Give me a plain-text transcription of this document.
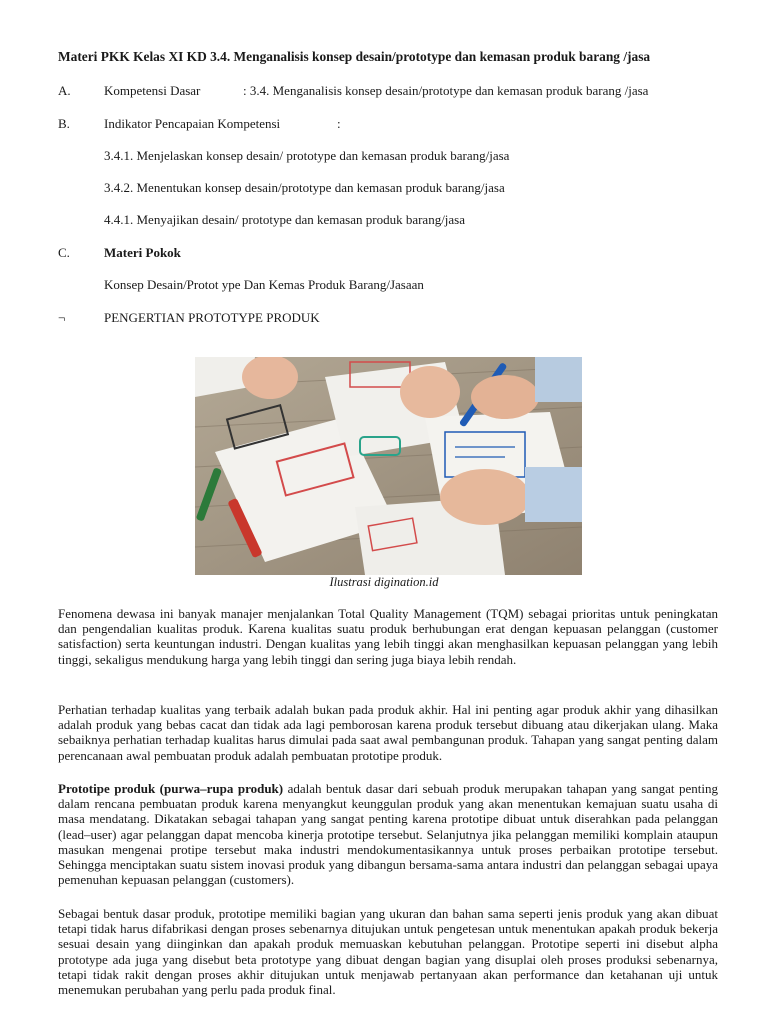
Materi PKK Kelas XI KD 3.4. Menganalisis konsep desain/prototype dan kemasan produk barang /jasa
A.	Kompetensi Dasar	: 3.4. Menganalisis konsep desain/prototype dan kemasan produk barang /jasa
B.	Indikator Pencapaian Kompetensi	:
3.4.1. Menjelaskan konsep desain/ prototype dan kemasan produk barang/jasa
3.4.2. Menentukan konsep desain/prototype dan kemasan produk barang/jasa
4.4.1. Menyajikan desain/ prototype dan kemasan produk barang/jasa
C.	Materi Pokok
Konsep Desain/Protot ype Dan Kemas Produk Barang/Jasaan
¬	PENGERTIAN PROTOTYPE PRODUK
Ilustrasi digination.id
Fenomena dewasa ini banyak manajer menjalankan Total Quality Management (TQM) sebagai prioritas untuk peningkatan dan pengendalian kualitas produk. Karena kualitas suatu produk berhubungan erat dengan kepuasan pelanggan (customer satisfaction) serta keuntungan industri. Dengan kualitas yang lebih tinggi akan menghasilkan kepuasan pelanggan yang lebih tinggi, sekaligus mendukung harga yang lebih tinggi dan sering juga biaya lebih rendah.
Perhatian terhadap kualitas yang terbaik adalah bukan pada produk akhir. Hal ini penting agar produk akhir yang dihasilkan adalah produk yang bebas cacat dan tidak ada lagi pemborosan karena produk tersebut dibuang atau dikerjakan ulang. Maka sebaiknya perhatian terhadap kualitas harus dimulai pada saat awal pembangunan produk. Tahapan yang sangat penting dalam perencanaan awal pembuatan produk adalah pembuatan prototipe produk.
Prototipe produk (purwa–rupa produk) adalah bentuk dasar dari sebuah produk merupakan tahapan yang sangat penting dalam rencana pembuatan produk karena menyangkut keunggulan produk yang akan menentukan kemajuan suatu usaha di masa mendatang. Dikatakan sebagai tahapan yang sangat penting karena prototipe dibuat untuk diserahkan pada pelanggan (lead–user) agar pelanggan dapat mencoba kinerja prototipe tersebut. Selanjutnya jika pelanggan memiliki komplain ataupun masukan mengenai protipe tersebut maka industri mendokumentasikannya untuk proses perbaikan prototipe tersebut. Sehingga menciptakan suatu sistem inovasi produk yang dibangun bersama-sama antara industri dan pelanggan sebagai upaya pemenuhan kepuasan pelanggan (customers).
Sebagai bentuk dasar produk, prototipe memiliki bagian yang ukuran dan bahan sama seperti jenis produk yang akan dibuat tetapi tidak harus difabrikasi dengan proses sebenarnya ditujukan untuk pengetesan untuk menentukan apakah produk bekerja sesuai desain yang diinginkan dan apakah produk memuaskan kebutuhan pelanggan. Prototipe seperti ini disebut alpha prototype ada juga yang disebut beta prototype yang dibuat dengan bagian yang disuplai oleh proses produksi sebenarnya, tetapi tidak rakit dengan proses akhir ditujukan untuk menjawab pertanyaan akan performance dan ketahanan uji untuk menemukan perubahan yang perlu pada produk final.
